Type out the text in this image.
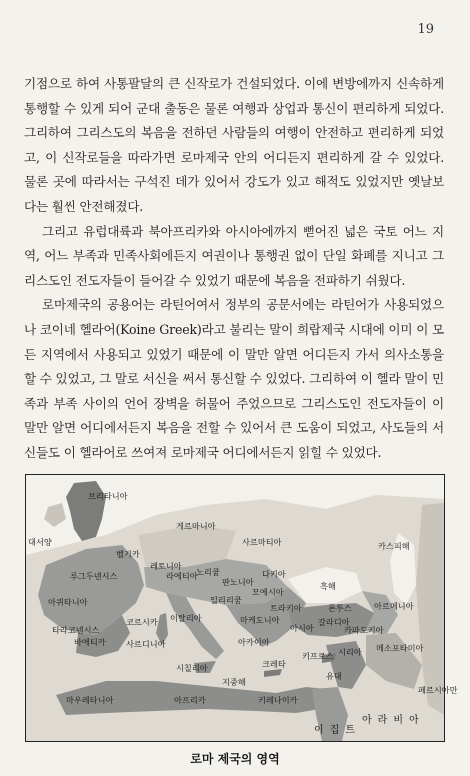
19

기점으로 하여 사통팔달의 큰 신작로가 건설되었다. 이에 변방에까지 신속하게 통행할 수 있게 되어 군대 출동은 물론 여행과 상업과 통신이 편리하게 되었다. 그리하여 그리스도의 복음을 전하던 사람들의 여행이 안전하고 편리하게 되었고, 이 신작로들을 따라가면 로마제국 안의 어디든지 편리하게 갈 수 있었다. 물론 곳에 따라서는 구석진 데가 있어서 강도가 있고 해적도 있었지만 옛날보다는 훨씬 안전해졌다.

그리고 유럽대륙과 북아프리카와 아시아에까지 뻗어진 넓은 국토 어느 지역, 어느 부족과 민족사회에든지 여권이나 통행권 없이 단일 화폐를 지니고 그리스도인 전도자들이 들어갈 수 있었기 때문에 복음을 전파하기 쉬웠다.

로마제국의 공용어는 라틴어여서 정부의 공문서에는 라틴어가 사용되었으나 코이네 헬라어(Koine Greek)라고 불리는 말이 희랍제국 시대에 이미 이 모든 지역에서 사용되고 있었기 때문에 이 말만 알면 어디든지 가서 의사소통을 할 수 있었고, 그 말로 서신을 써서 통신할 수 있었다. 그리하여 이 헬라 말이 민족과 부족 사이의 언어 장벽을 허물어 주었으므로 그리스도인 전도자들이 이 말만 알면 어디에서든지 복음을 전할 수 있어서 큰 도움이 되었고, 사도들의 서신들도 이 헬라어로 쓰여져 로마제국 어디에서든지 읽힐 수 있었다.

브리타니아
대서양
게르마니아
벨기카
루그두넨시스
아퀴타니아
레토니아
사르마티아
라에티아
노리쿰	다키아
판노니아
일리리쿰
모에시아
이탈리아
트라키아
코르시카
사르디니아
시칠리아
마케도니아
아카이아
지중해
흑해
카스피해
아르메니아
폰투스
아시아
갈라디아
카파도키아
메소포타미아
시리아
키프로스
유대
크레타
키레나이카
아프리카
마우레타니아
바에티카
타라코넨시스
이집트
아라비아
페르시아만
로마 제국의 영역
